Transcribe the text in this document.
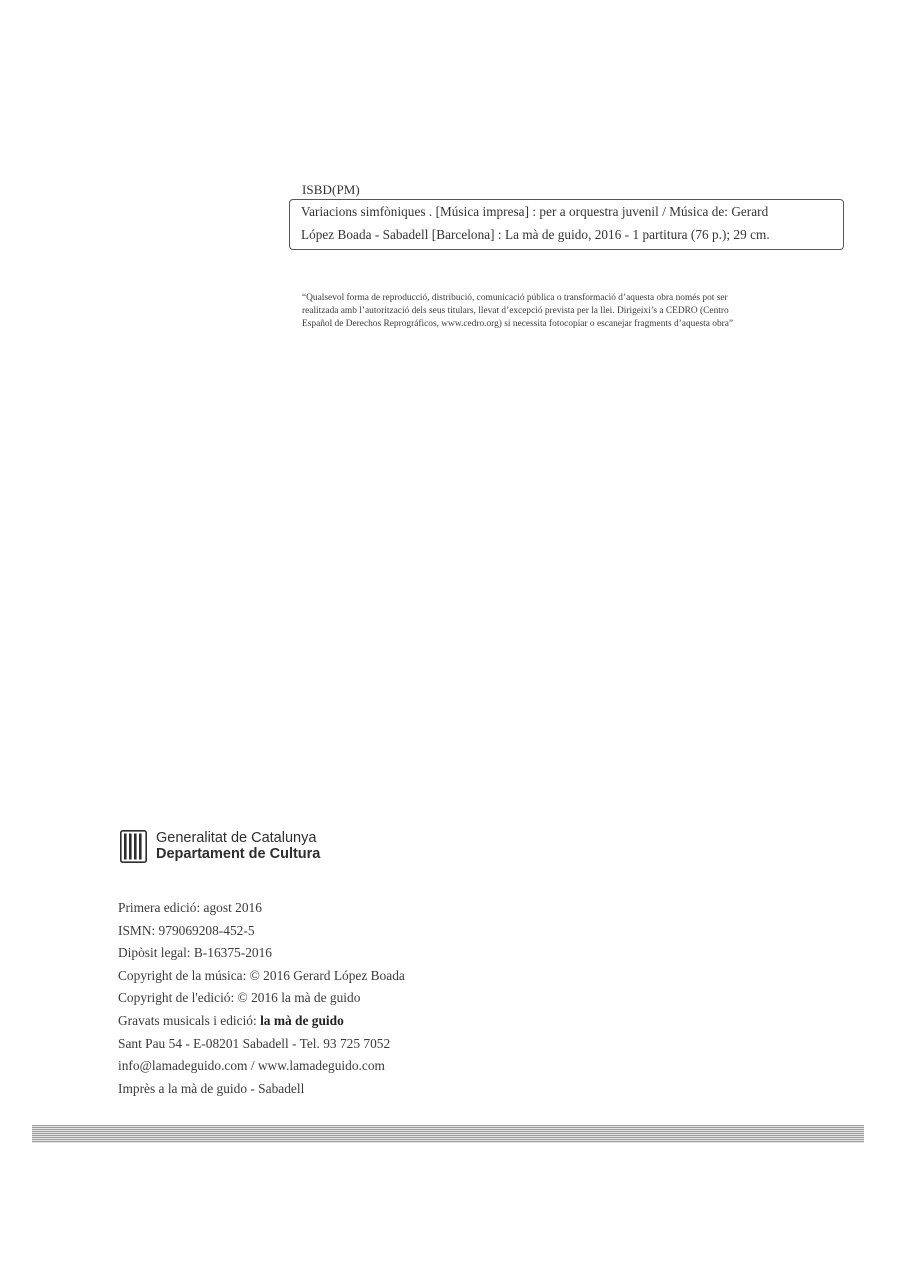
ISBD(PM)
Variacions simfòniques . [Música impresa] : per a orquestra juvenil / Música de: Gerard
López Boada - Sabadell [Barcelona] : La mà de guido, 2016 - 1 partitura (76 p.); 29 cm.
“Qualsevol forma de reproducció, distribució, comunicació pública o transformació d’aquesta obra només pot ser
realitzada amb l’autorització dels seus titulars, llevat d’excepció prevista per la llei. Dirigeixi’s a CEDRO (Centro
Español de Derechos Reprográficos, www.cedro.org) si necessita fotocopiar o escanejar fragments d’aquesta obra”
Generalitat de Catalunya
Departament de Cultura
Primera edició: agost 2016
ISMN: 979069208-452-5
Dipòsit legal: B-16375-2016
Copyright de la música: © 2016 Gerard López Boada
Copyright de l'edició: © 2016 la mà de guido
Gravats musicals i edició: la mà de guido
Sant Pau 54 - E-08201 Sabadell - Tel. 93 725 7052
info@lamadeguido.com / www.lamadeguido.com
Imprès a la mà de guido - Sabadell
